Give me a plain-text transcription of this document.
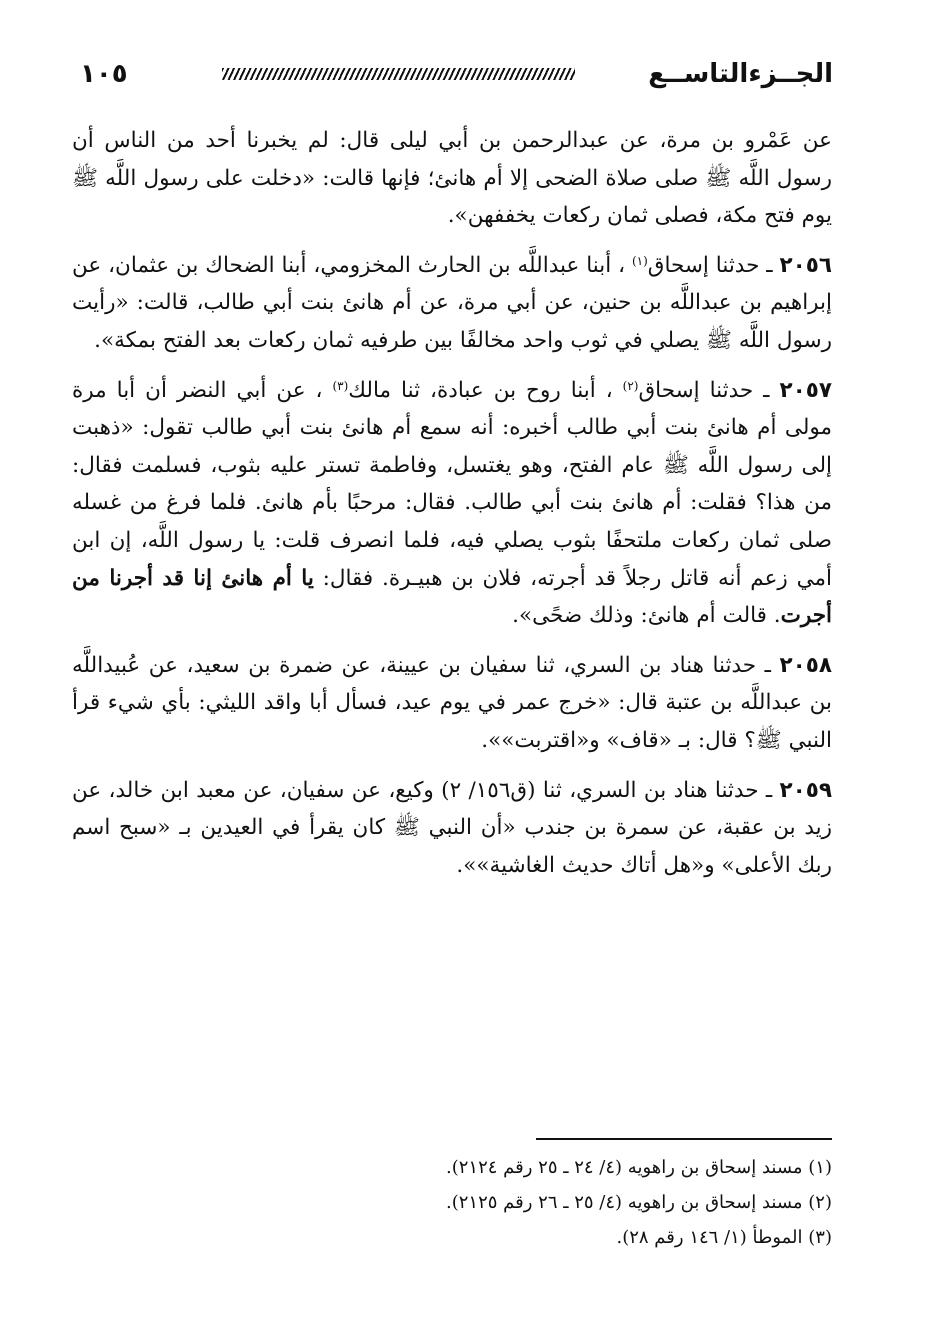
الجــزءالتاســع
١٠٥

عن عَمْرو بن مرة، عن عبدالرحمن بن أبي ليلى قال: لم يخبرنا أحد من الناس أن رسول اللَّه ﷺ صلى صلاة الضحى إلا أم هانئ؛ فإنها قالت: «دخلت على رسول اللَّه ﷺ يوم فتح مكة، فصلى ثمان ركعات يخففهن».

٢٠٥٦ ـ حدثنا إسحاق$^{(١)}$ ، أبنا عبداللَّه بن الحارث المخزومي، أبنا الضحاك بن عثمان، عن إبراهيم بن عبداللَّه بن حنين، عن أبي مرة، عن أم هانئ بنت أبي طالب، قالت: «رأيت رسول اللَّه ﷺ يصلي في ثوب واحد مخالفًا بين طرفيه ثمان ركعات بعد الفتح بمكة».

٢٠٥٧ ـ حدثنا إسحاق$^{(٢)}$ ، أبنا روح بن عبادة، ثنا مالك$^{(٣)}$ ، عن أبي النضر أن أبا مرة مولى أم هانئ بنت أبي طالب أخبره: أنه سمع أم هانئ بنت أبي طالب تقول: «ذهبت إلى رسول اللَّه ﷺ عام الفتح، وهو يغتسل، وفاطمة تستر عليه بثوب، فسلمت فقال: من هذا؟ فقلت: أم هانئ بنت أبي طالب. فقال: مرحبًا بأم هانئ. فلما فرغ من غسله صلى ثمان ركعات ملتحفًا بثوب يصلي فيه، فلما انصرف قلت: يا رسول اللَّه، إن ابن أمي زعم أنه قاتل رجلاً قد أجرته، فلان بن هبيـرة. فقال: يا أم هانئ إنا قد أجرنا من أجرت. قالت أم هانئ: وذلك ضحًى».

٢٠٥٨ ـ حدثنا هناد بن السري، ثنا سفيان بن عيينة، عن ضمرة بن سعيد، عن عُبيداللَّه بن عبداللَّه بن عتبة قال: «خرج عمر في يوم عيد، فسأل أبا واقد الليثي: بأي شيء قرأ النبي ﷺ؟ قال: بـ «قاف» و«اقتربت»».

٢٠٥٩ ـ حدثنا هناد بن السري، ثنا (ق١٥٦/ ٢) وكيع، عن سفيان، عن معبد ابن خالد، عن زيد بن عقبة، عن سمرة بن جندب «أن النبي ﷺ كان يقرأ في العيدين بـ «سبح اسم ربك الأعلى» و«هل أتاك حديث الغاشية»».

(١) مسند إسحاق بن راهويه (٤/ ٢٤ ـ ٢٥ رقم ٢١٢٤).

(٢) مسند إسحاق بن راهويه (٤/ ٢٥ ـ ٢٦ رقم ٢١٢٥).

(٣) الموطأ (١/ ١٤٦ رقم ٢٨).
